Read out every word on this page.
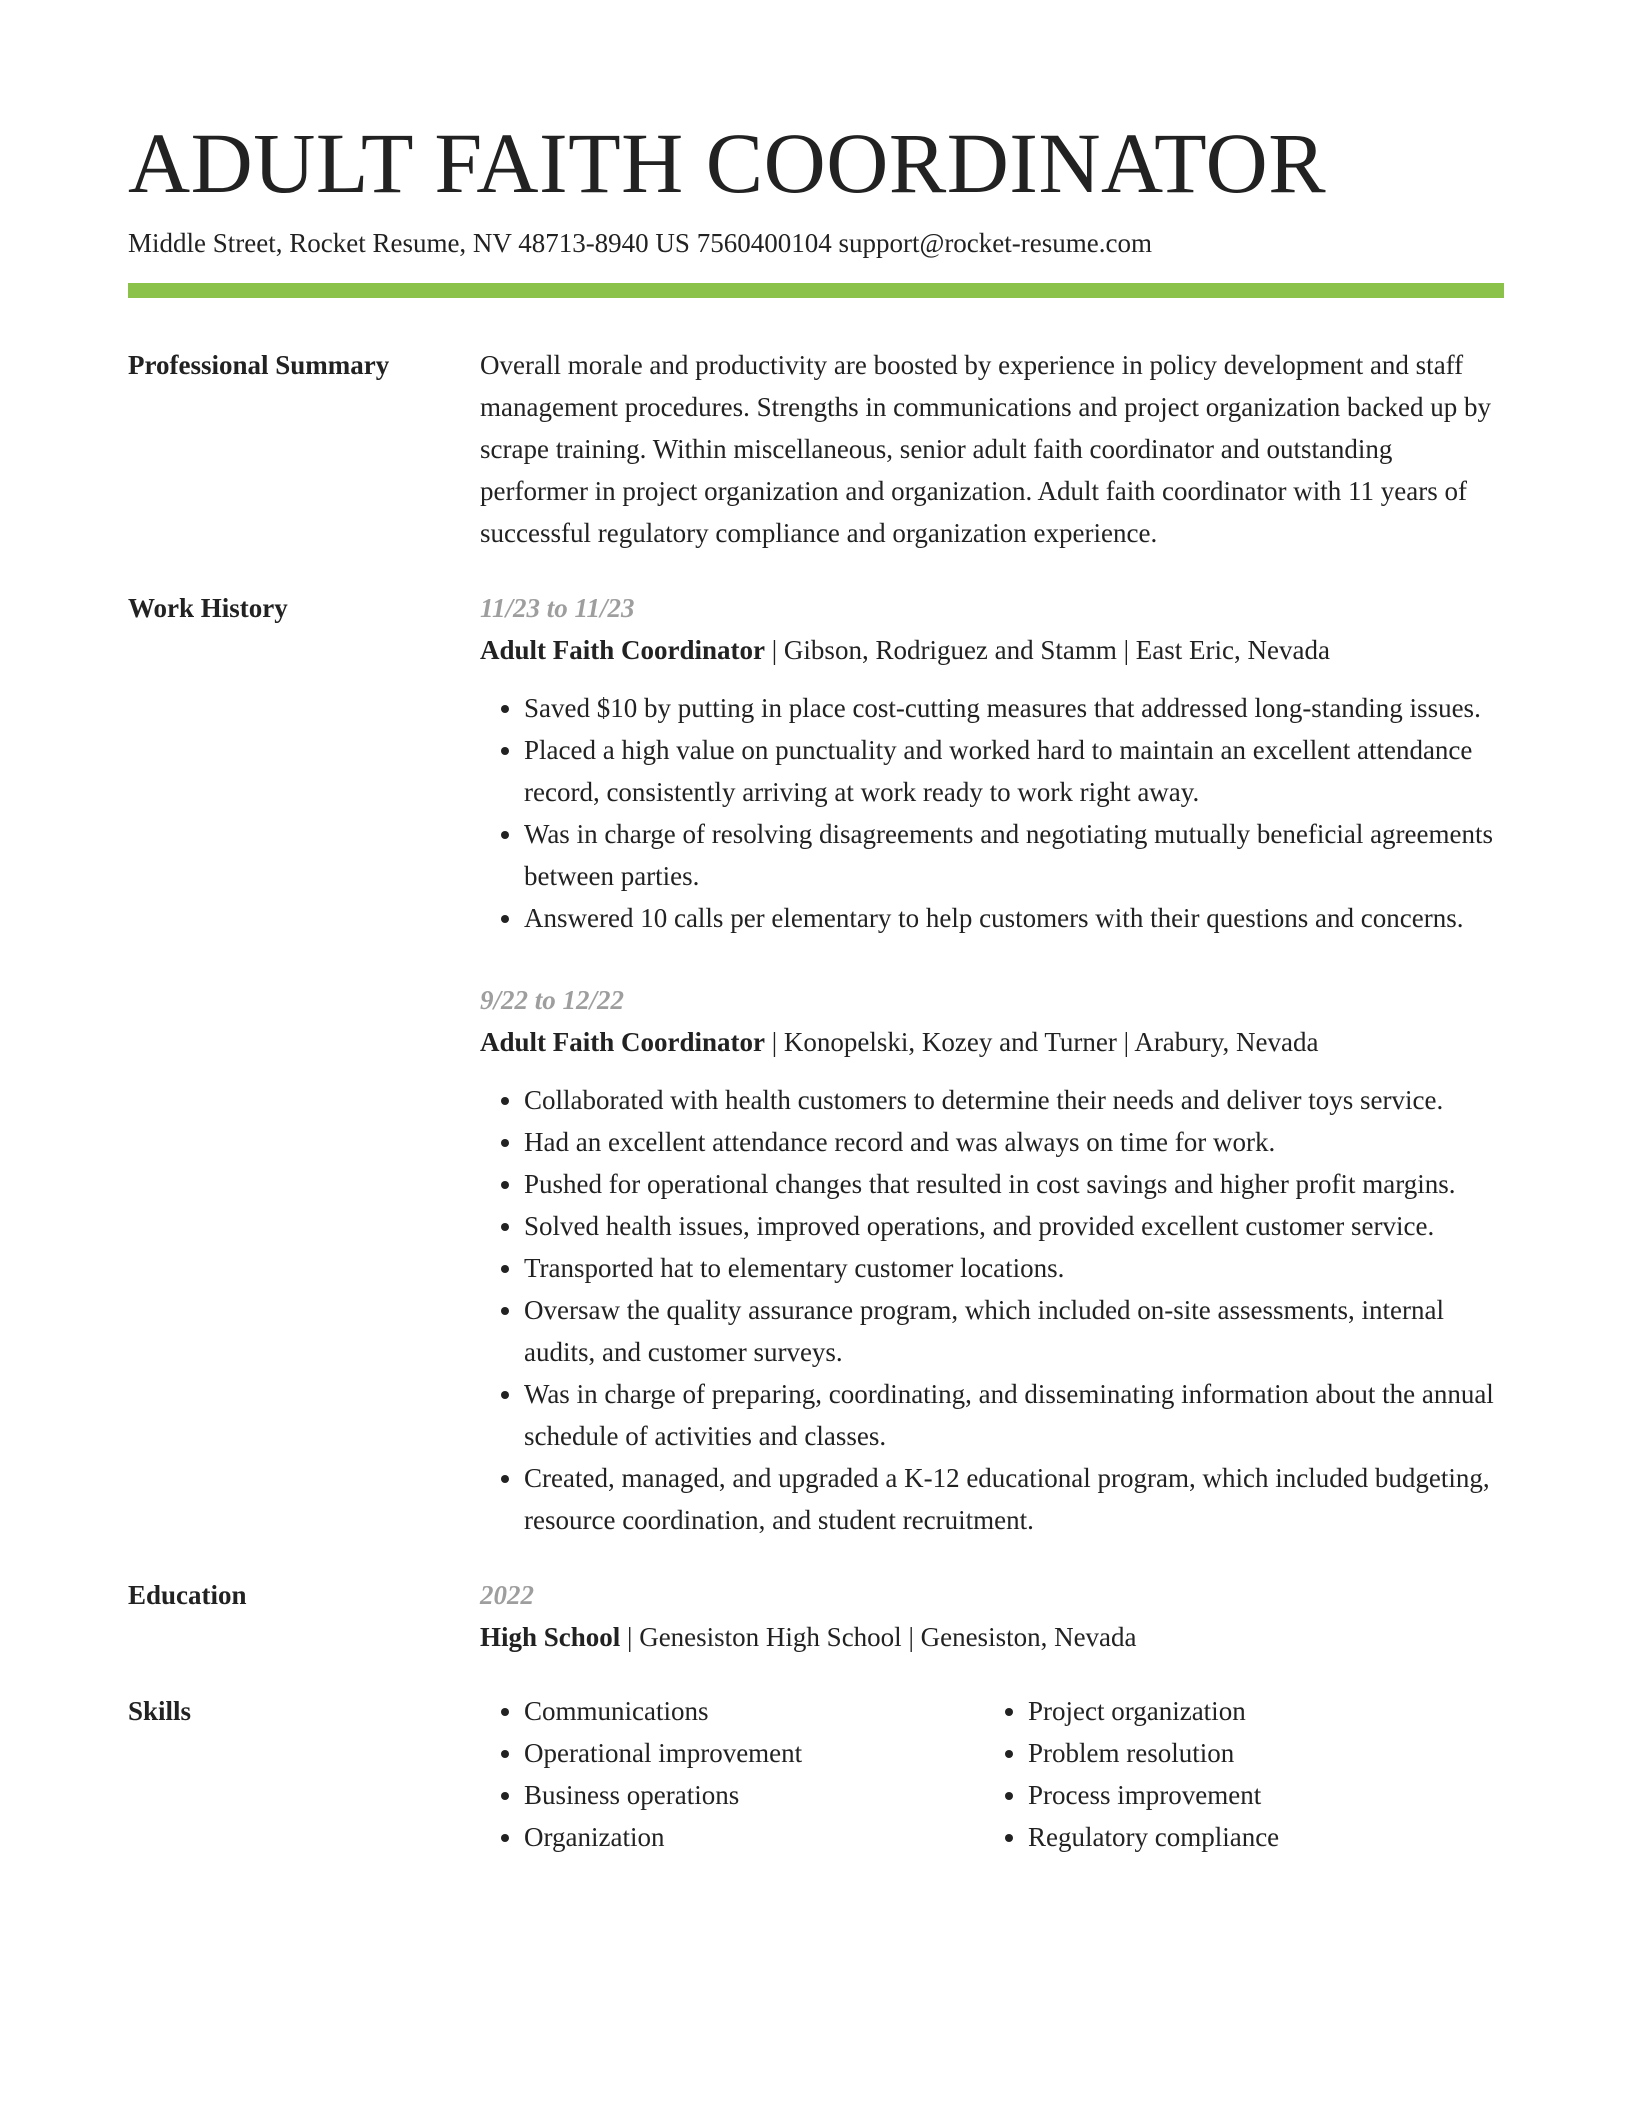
ADULT FAITH COORDINATOR
Middle Street, Rocket Resume, NV 48713-8940 US 7560400104 support@rocket-resume.com
Professional Summary	Overall morale and productivity are boosted by experience in policy development and staff management procedures. Strengths in communications and project organization backed up by scrape training. Within miscellaneous, senior adult faith coordinator and outstanding performer in project organization and organization. Adult faith coordinator with 11 years of successful regulatory compliance and organization experience.
Work History	11/23 to 11/23
Adult Faith Coordinator | Gibson, Rodriguez and Stamm | East Eric, Nevada
• Saved $10 by putting in place cost-cutting measures that addressed long-standing issues.
• Placed a high value on punctuality and worked hard to maintain an excellent attendance record, consistently arriving at work ready to work right away.
• Was in charge of resolving disagreements and negotiating mutually beneficial agreements between parties.
• Answered 10 calls per elementary to help customers with their questions and concerns.
9/22 to 12/22
Adult Faith Coordinator | Konopelski, Kozey and Turner | Arabury, Nevada
• Collaborated with health customers to determine their needs and deliver toys service.
• Had an excellent attendance record and was always on time for work.
• Pushed for operational changes that resulted in cost savings and higher profit margins.
• Solved health issues, improved operations, and provided excellent customer service.
• Transported hat to elementary customer locations.
• Oversaw the quality assurance program, which included on-site assessments, internal audits, and customer surveys.
• Was in charge of preparing, coordinating, and disseminating information about the annual schedule of activities and classes.
• Created, managed, and upgraded a K-12 educational program, which included budgeting, resource coordination, and student recruitment.
Education	2022
High School | Genesiston High School | Genesiston, Nevada
Skills
•	Communications
• Operational improvement
• Business operations
• Organization
• Project organization
• Problem resolution
• Process improvement
• Regulatory compliance
